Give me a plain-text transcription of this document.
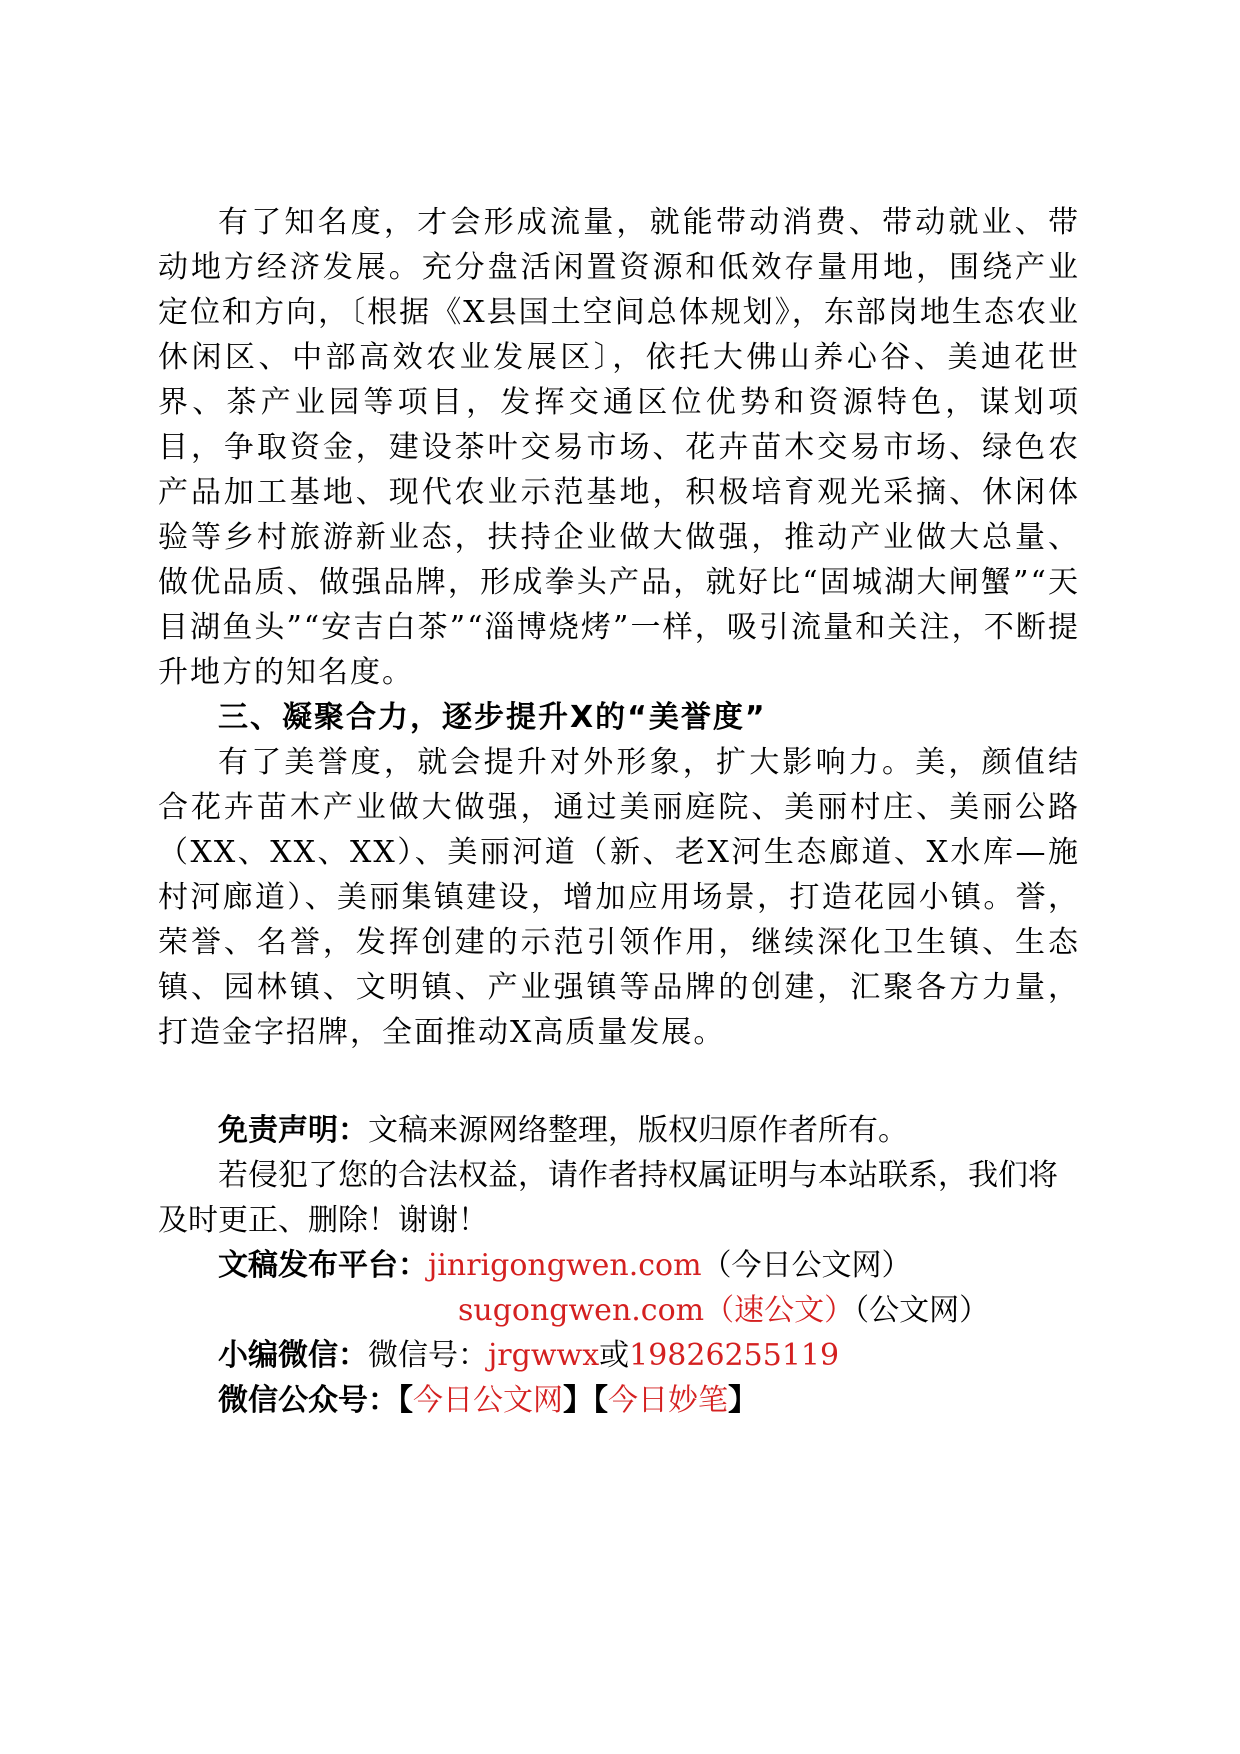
有了知名度，才会形成流量，就能带动消费、带动就业、带动地方经济发展。充分盘活闲置资源和低效存量用地，围绕产业定位和方向，〔根据《X县国土空间总体规划》，东部岗地生态农业休闲区、中部高效农业发展区〕，依托大佛山养心谷、美迪花世界、茶产业园等项目，发挥交通区位优势和资源特色，谋划项目，争取资金，建设茶叶交易市场、花卉苗木交易市场、绿色农产品加工基地、现代农业示范基地，积极培育观光采摘、休闲体验等乡村旅游新业态，扶持企业做大做强，推动产业做大总量、做优品质、做强品牌，形成拳头产品，就好比“固城湖大闸蟹”“天目湖鱼头”“安吉白茶”“淄博烧烤”一样，吸引流量和关注，不断提升地方的知名度。

三、凝聚合力，逐步提升X的“美誉度”

有了美誉度，就会提升对外形象，扩大影响力。美，颜值结合花卉苗木产业做大做强，通过美丽庭院、美丽村庄、美丽公路（XX、XX、XX）、美丽河道（新、老X河生态廊道、X水库—施村河廊道）、美丽集镇建设，增加应用场景，打造花园小镇。誉，荣誉、名誉，发挥创建的示范引领作用，继续深化卫生镇、生态镇、园林镇、文明镇、产业强镇等品牌的创建，汇聚各方力量，打造金字招牌，全面推动X高质量发展。

免责声明：文稿来源网络整理，版权归原作者所有。

若侵犯了您的合法权益，请作者持权属证明与本站联系，我们将及时更正、删除！谢谢！

文稿发布平台：jinrigongwen.com（今日公文网）

sugongwen.com（速公文）（公文网）

小编微信：微信号：jrgwwx或19826255119

微信公众号：【今日公文网】【今日妙笔】
